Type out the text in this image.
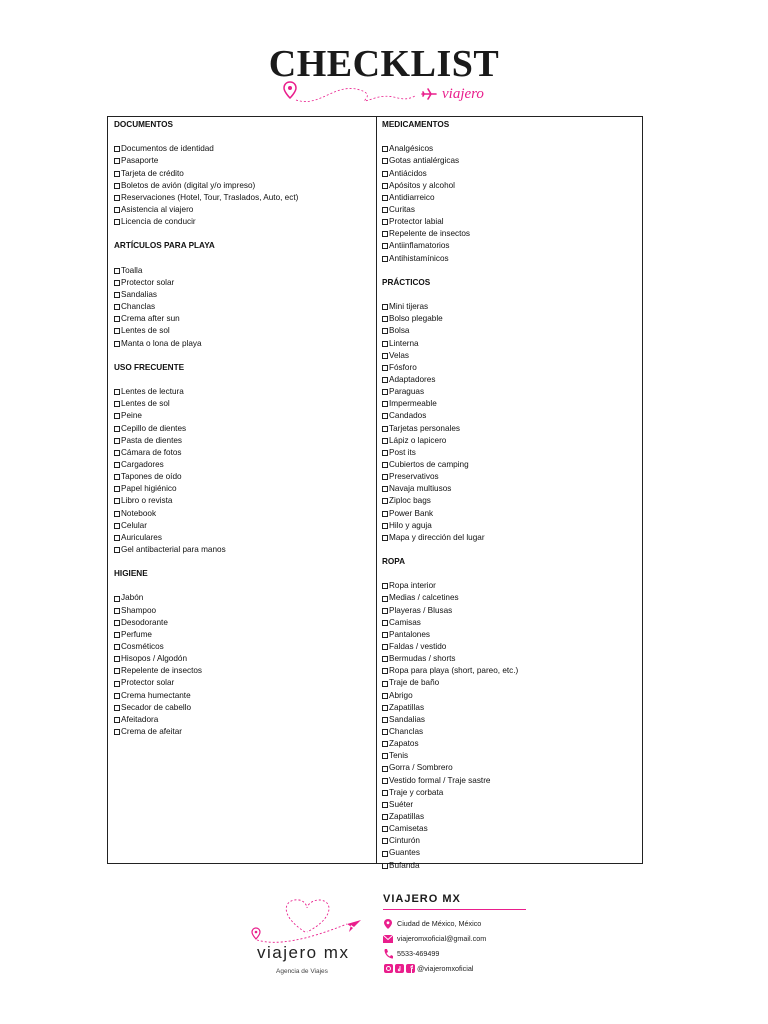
CHECKLIST
viajero
DOCUMENTOS
Documentos de identidad
Pasaporte
Tarjeta de crédito
Boletos de avión (digital y/o impreso)
Reservaciones (Hotel, Tour, Traslados, Auto, ect)
Asistencia al viajero
Licencia de conducir
ARTÍCULOS PARA PLAYA
Toalla
Protector solar
Sandalias
Chanclas
Crema after sun
Lentes de sol
Manta o lona de playa
USO FRECUENTE
Lentes de lectura
Lentes de sol
Peine
Cepillo de dientes
Pasta de dientes
Cámara de fotos
Cargadores
Tapones de oído
Papel higiénico
Libro o revista
Notebook
Celular
Auriculares
Gel antibacterial para manos
HIGIENE
Jabón
Shampoo
Desodorante
Perfume
Cosméticos
Hisopos / Algodón
Repelente de insectos
Protector solar
Crema humectante
Secador de cabello
Afeitadora
Crema de afeitar
MEDICAMENTOS
Analgésicos
Gotas antialérgicas
Antiácidos
Apósitos y alcohol
Antidiarreico
Curitas
Protector labial
Repelente de insectos
Antiinflamatorios
Antihistamínicos
PRÁCTICOS
Mini tijeras
Bolso plegable
Bolsa
Linterna
Velas
Fósforo
Adaptadores
Paraguas
Impermeable
Candados
Tarjetas personales
Lápiz o lapicero
Post its
Cubiertos de camping
Preservativos
Navaja multiusos
Ziploc bags
Power Bank
Hilo y aguja
Mapa y dirección del lugar
ROPA
Ropa interior
Medias / calcetines
Playeras / Blusas
Camisas
Pantalones
Faldas / vestido
Bermudas / shorts
Ropa para playa (short, pareo, etc.)
Traje de baño
Abrigo
Zapatillas
Sandalias
Chanclas
Zapatos
Tenis
Gorra / Sombrero
Vestido formal / Traje sastre
Traje y corbata
Suéter
Zapatillas
Camisetas
Cinturón
Guantes
Bufanda
viajero mx
Agencia de Viajes
VIAJERO MX
Ciudad de México, México
viajeromxoficial@gmail.com
5533-469499
@viajeromxoficial
